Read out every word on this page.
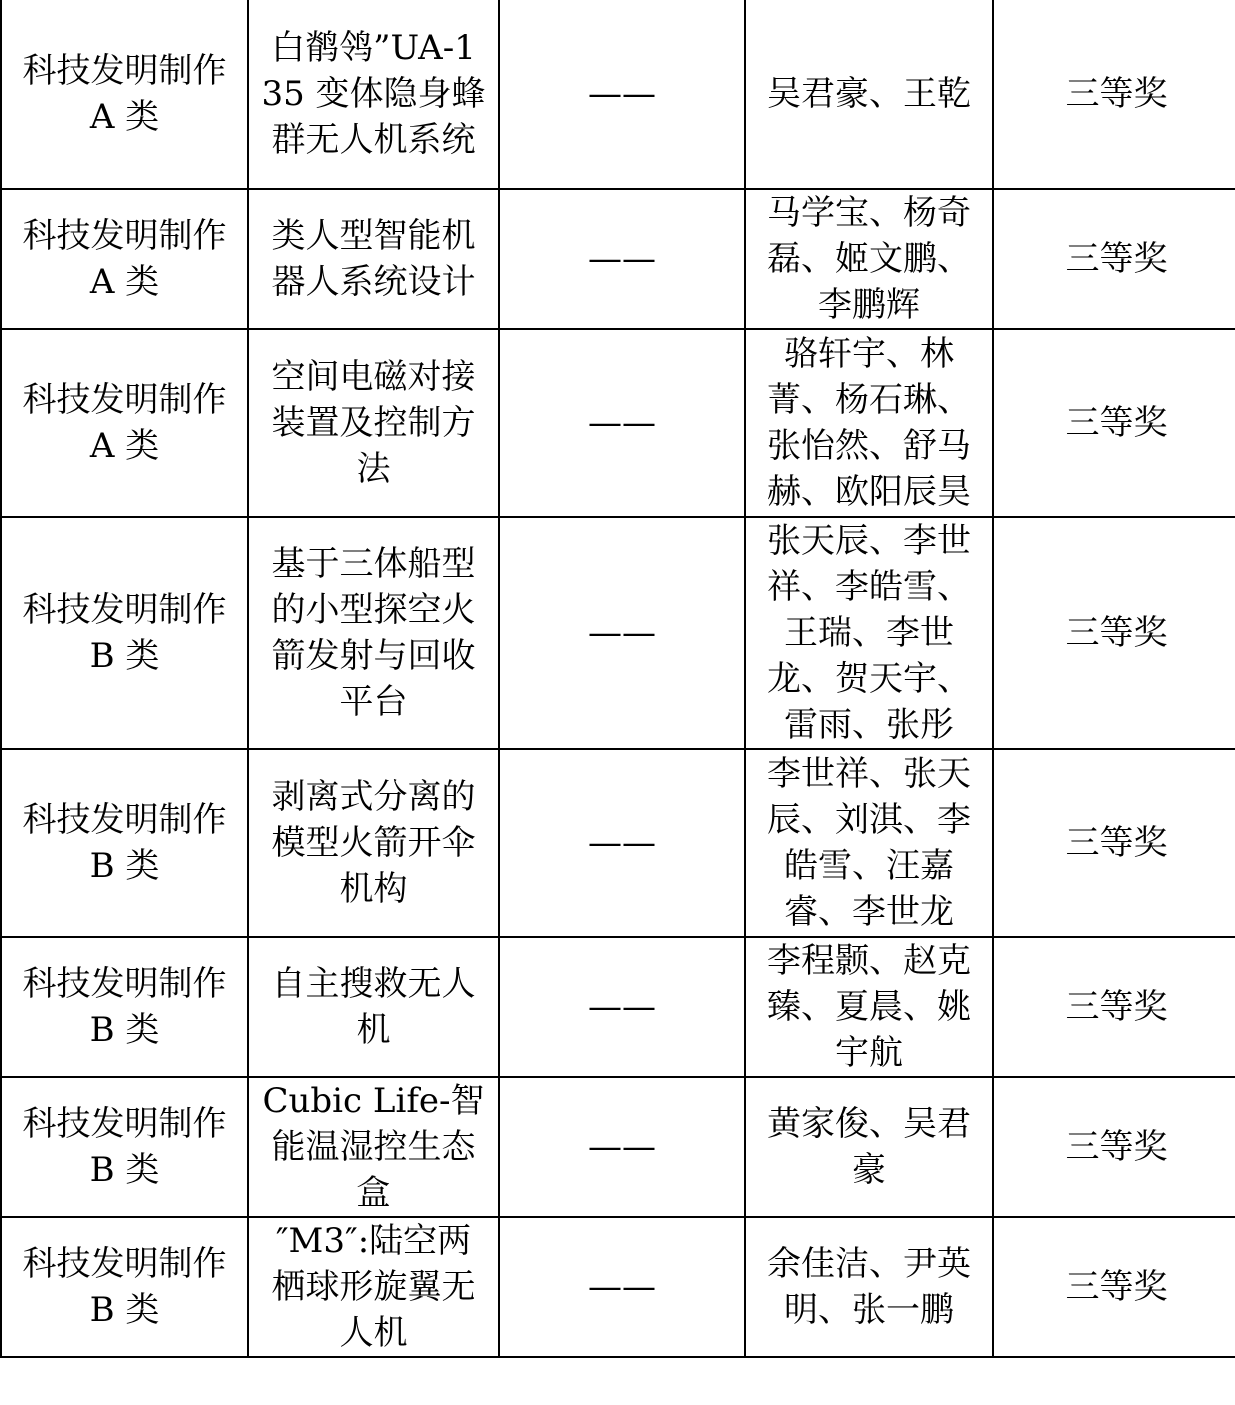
科技发明制作 A 类	白鹡鸰”UA-135 变体隐身蜂群无人机系统	——	吴君豪、王乾	三等奖
科技发明制作 A 类	类人型智能机器人系统设计	——	马学宝、杨奇磊、姬文鹏、李鹏辉	三等奖
科技发明制作 A 类	空间电磁对接装置及控制方法	——	骆轩宇、林菁、杨石琳、张怡然、舒马赫、欧阳辰昊	三等奖
科技发明制作 B 类	基于三体船型的小型探空火箭发射与回收平台	——	张天辰、李世祥、李皓雪、王瑞、李世龙、贺天宇、雷雨、张彤	三等奖
科技发明制作 B 类	剥离式分离的模型火箭开伞机构	——	李世祥、张天辰、刘淇、李皓雪、汪嘉睿、李世龙	三等奖
科技发明制作 B 类	自主搜救无人机	——	李程颢、赵克臻、夏晨、姚宇航	三等奖
科技发明制作 B 类	Cubic Life-智能温湿控生态盒	——	黄家俊、吴君豪	三等奖
科技发明制作 B 类	″M3″:陆空两栖球形旋翼无人机	——	余佳洁、尹英明、张一鹏	三等奖
